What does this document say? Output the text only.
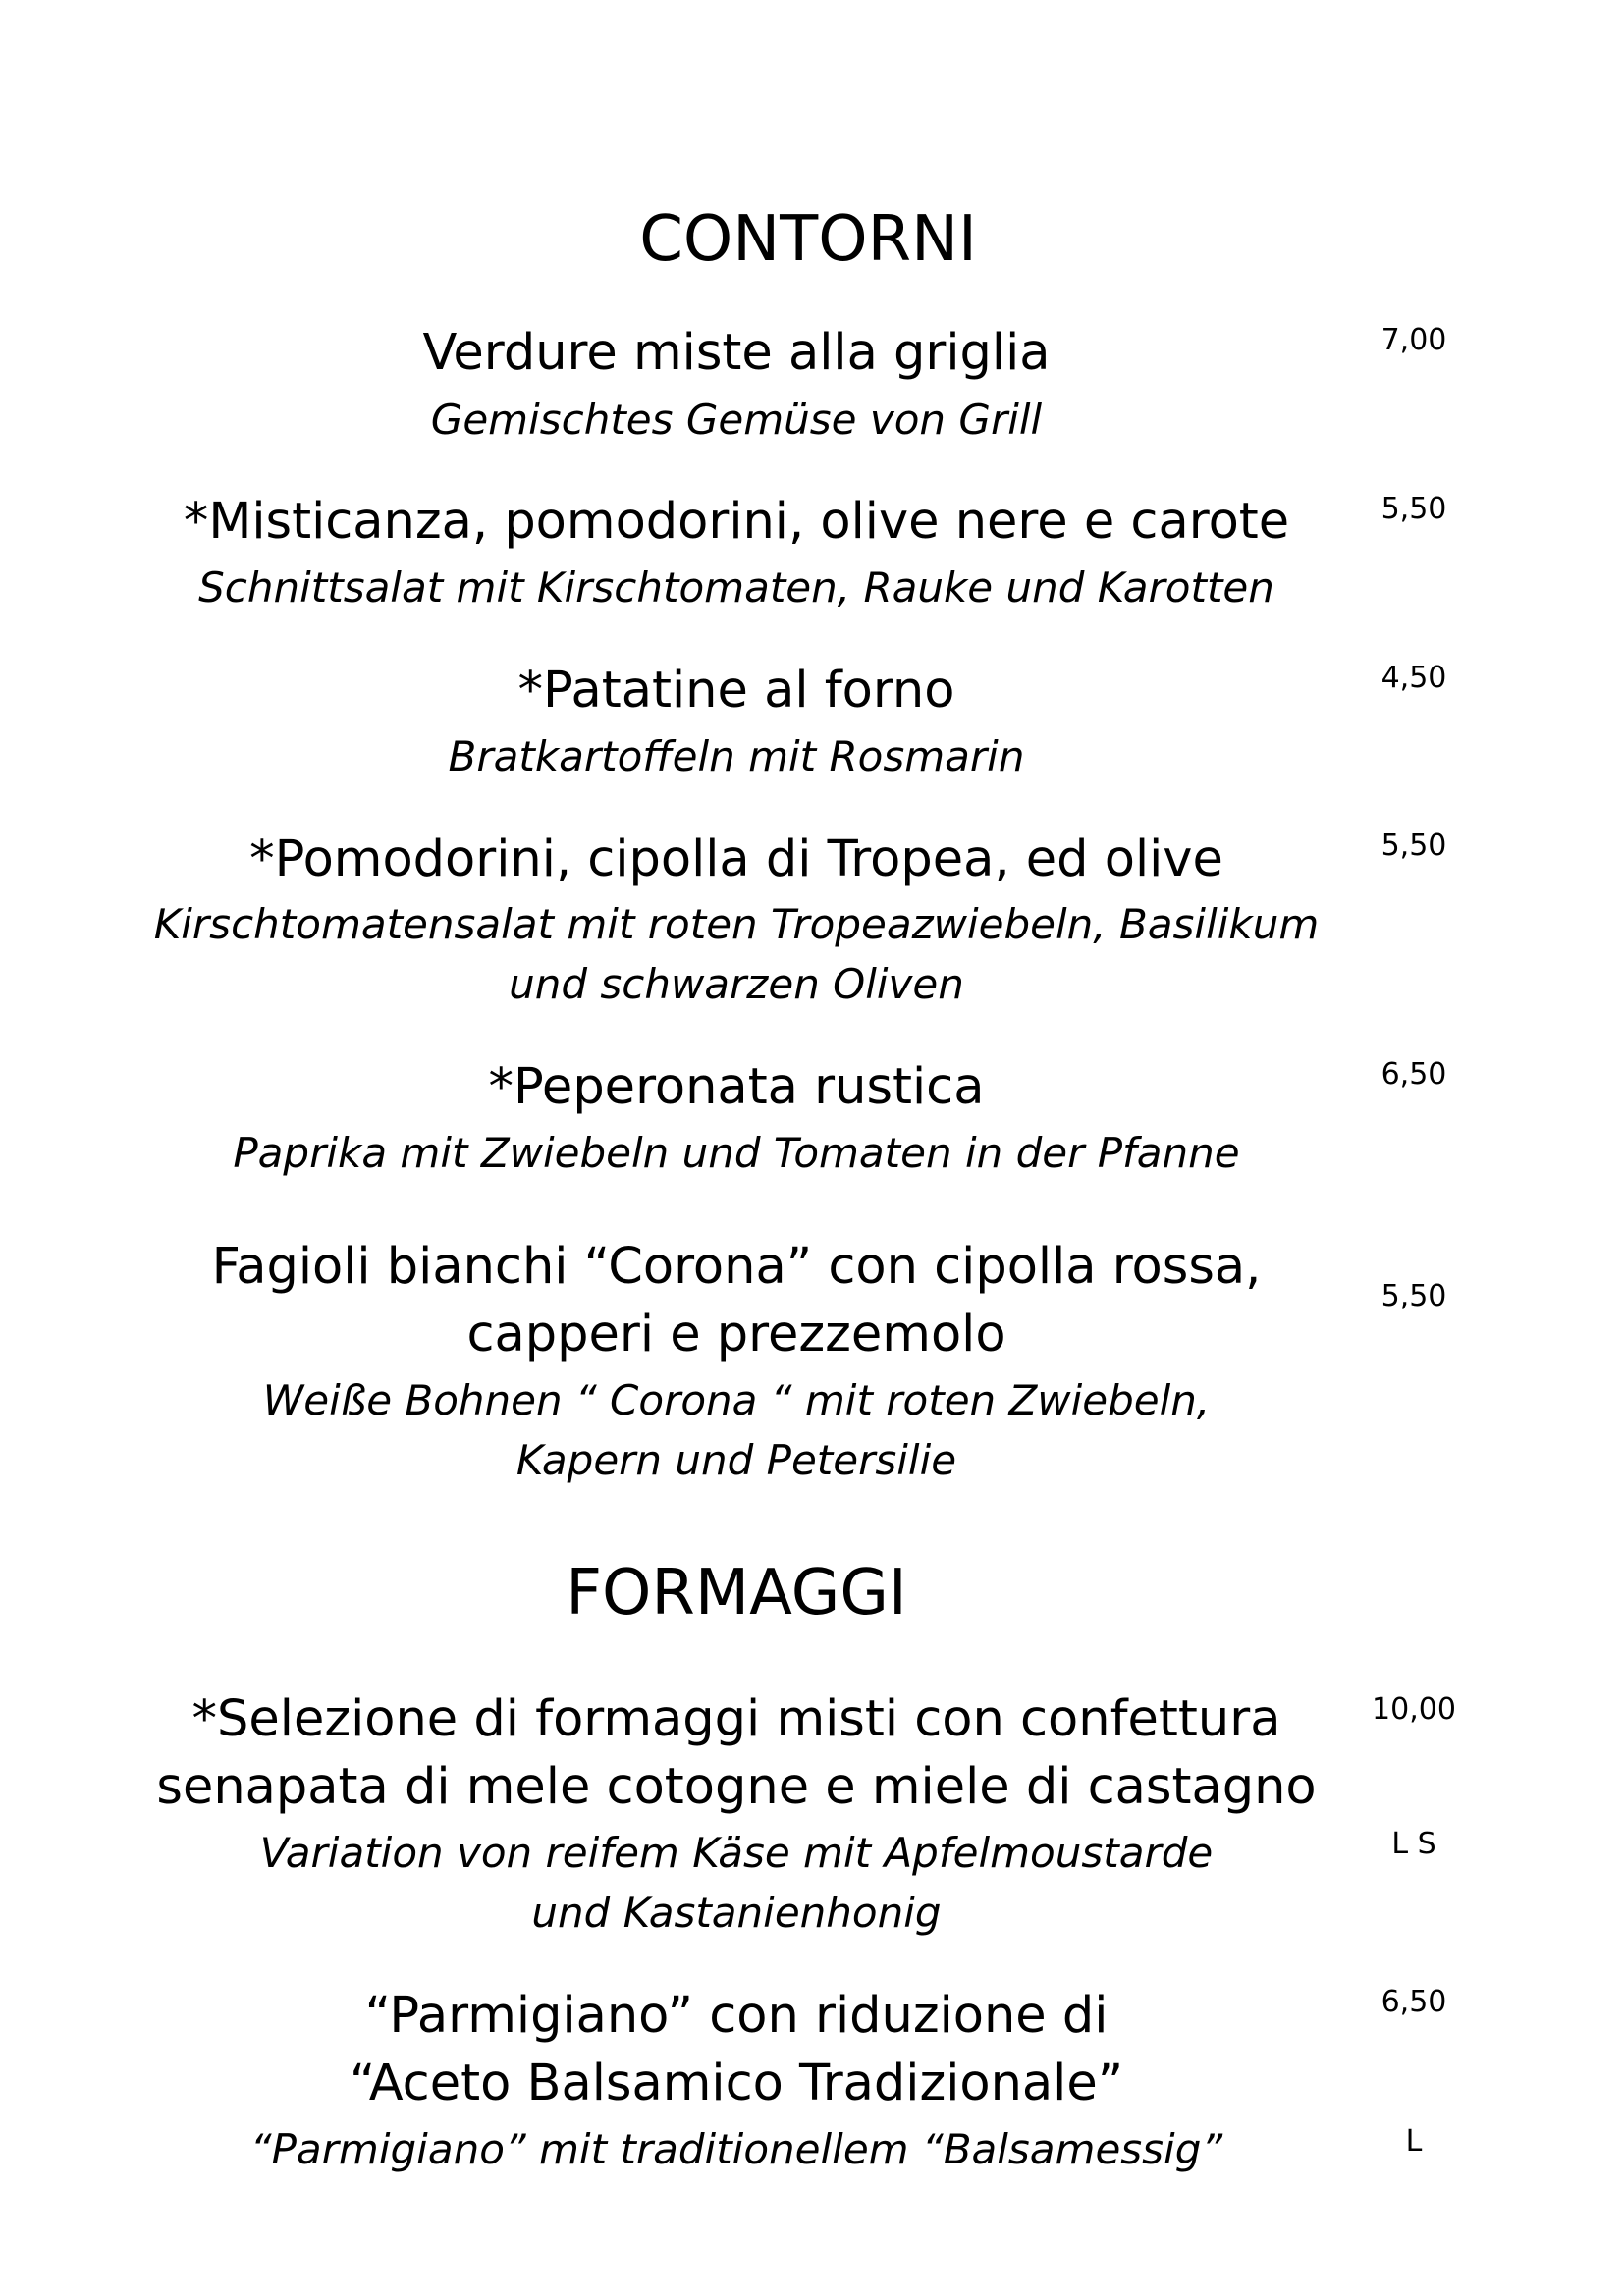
CONTORNI
Verdure miste alla griglia
Gemischtes Gemüse von Grill
7,00
*Misticanza, pomodorini, olive nere e carote
Schnittsalat mit Kirschtomaten, Rauke und Karotten
5,50
*Patatine al forno
Bratkartoffeln mit Rosmarin
4,50
*Pomodorini, cipolla di Tropea, ed olive
Kirschtomatensalat mit roten Tropeazwiebeln, Basilikum
und schwarzen Oliven
5,50
*Peperonata rustica
Paprika mit Zwiebeln und Tomaten in der Pfanne
6,50
Fagioli bianchi “Corona” con cipolla rossa,
capperi e prezzemolo
Weiße Bohnen “ Corona “ mit roten Zwiebeln,
Kapern und Petersilie
5,50
FORMAGGI
*Selezione di formaggi misti con confettura
senapata di mele cotogne e miele di castagno
Variation von reifem Käse mit Apfelmoustarde
und Kastanienhonig
10,00
L S
“Parmigiano” con riduzione di
“Aceto Balsamico Tradizionale”
“Parmigiano” mit traditionellem “Balsamessig”
6,50
L
